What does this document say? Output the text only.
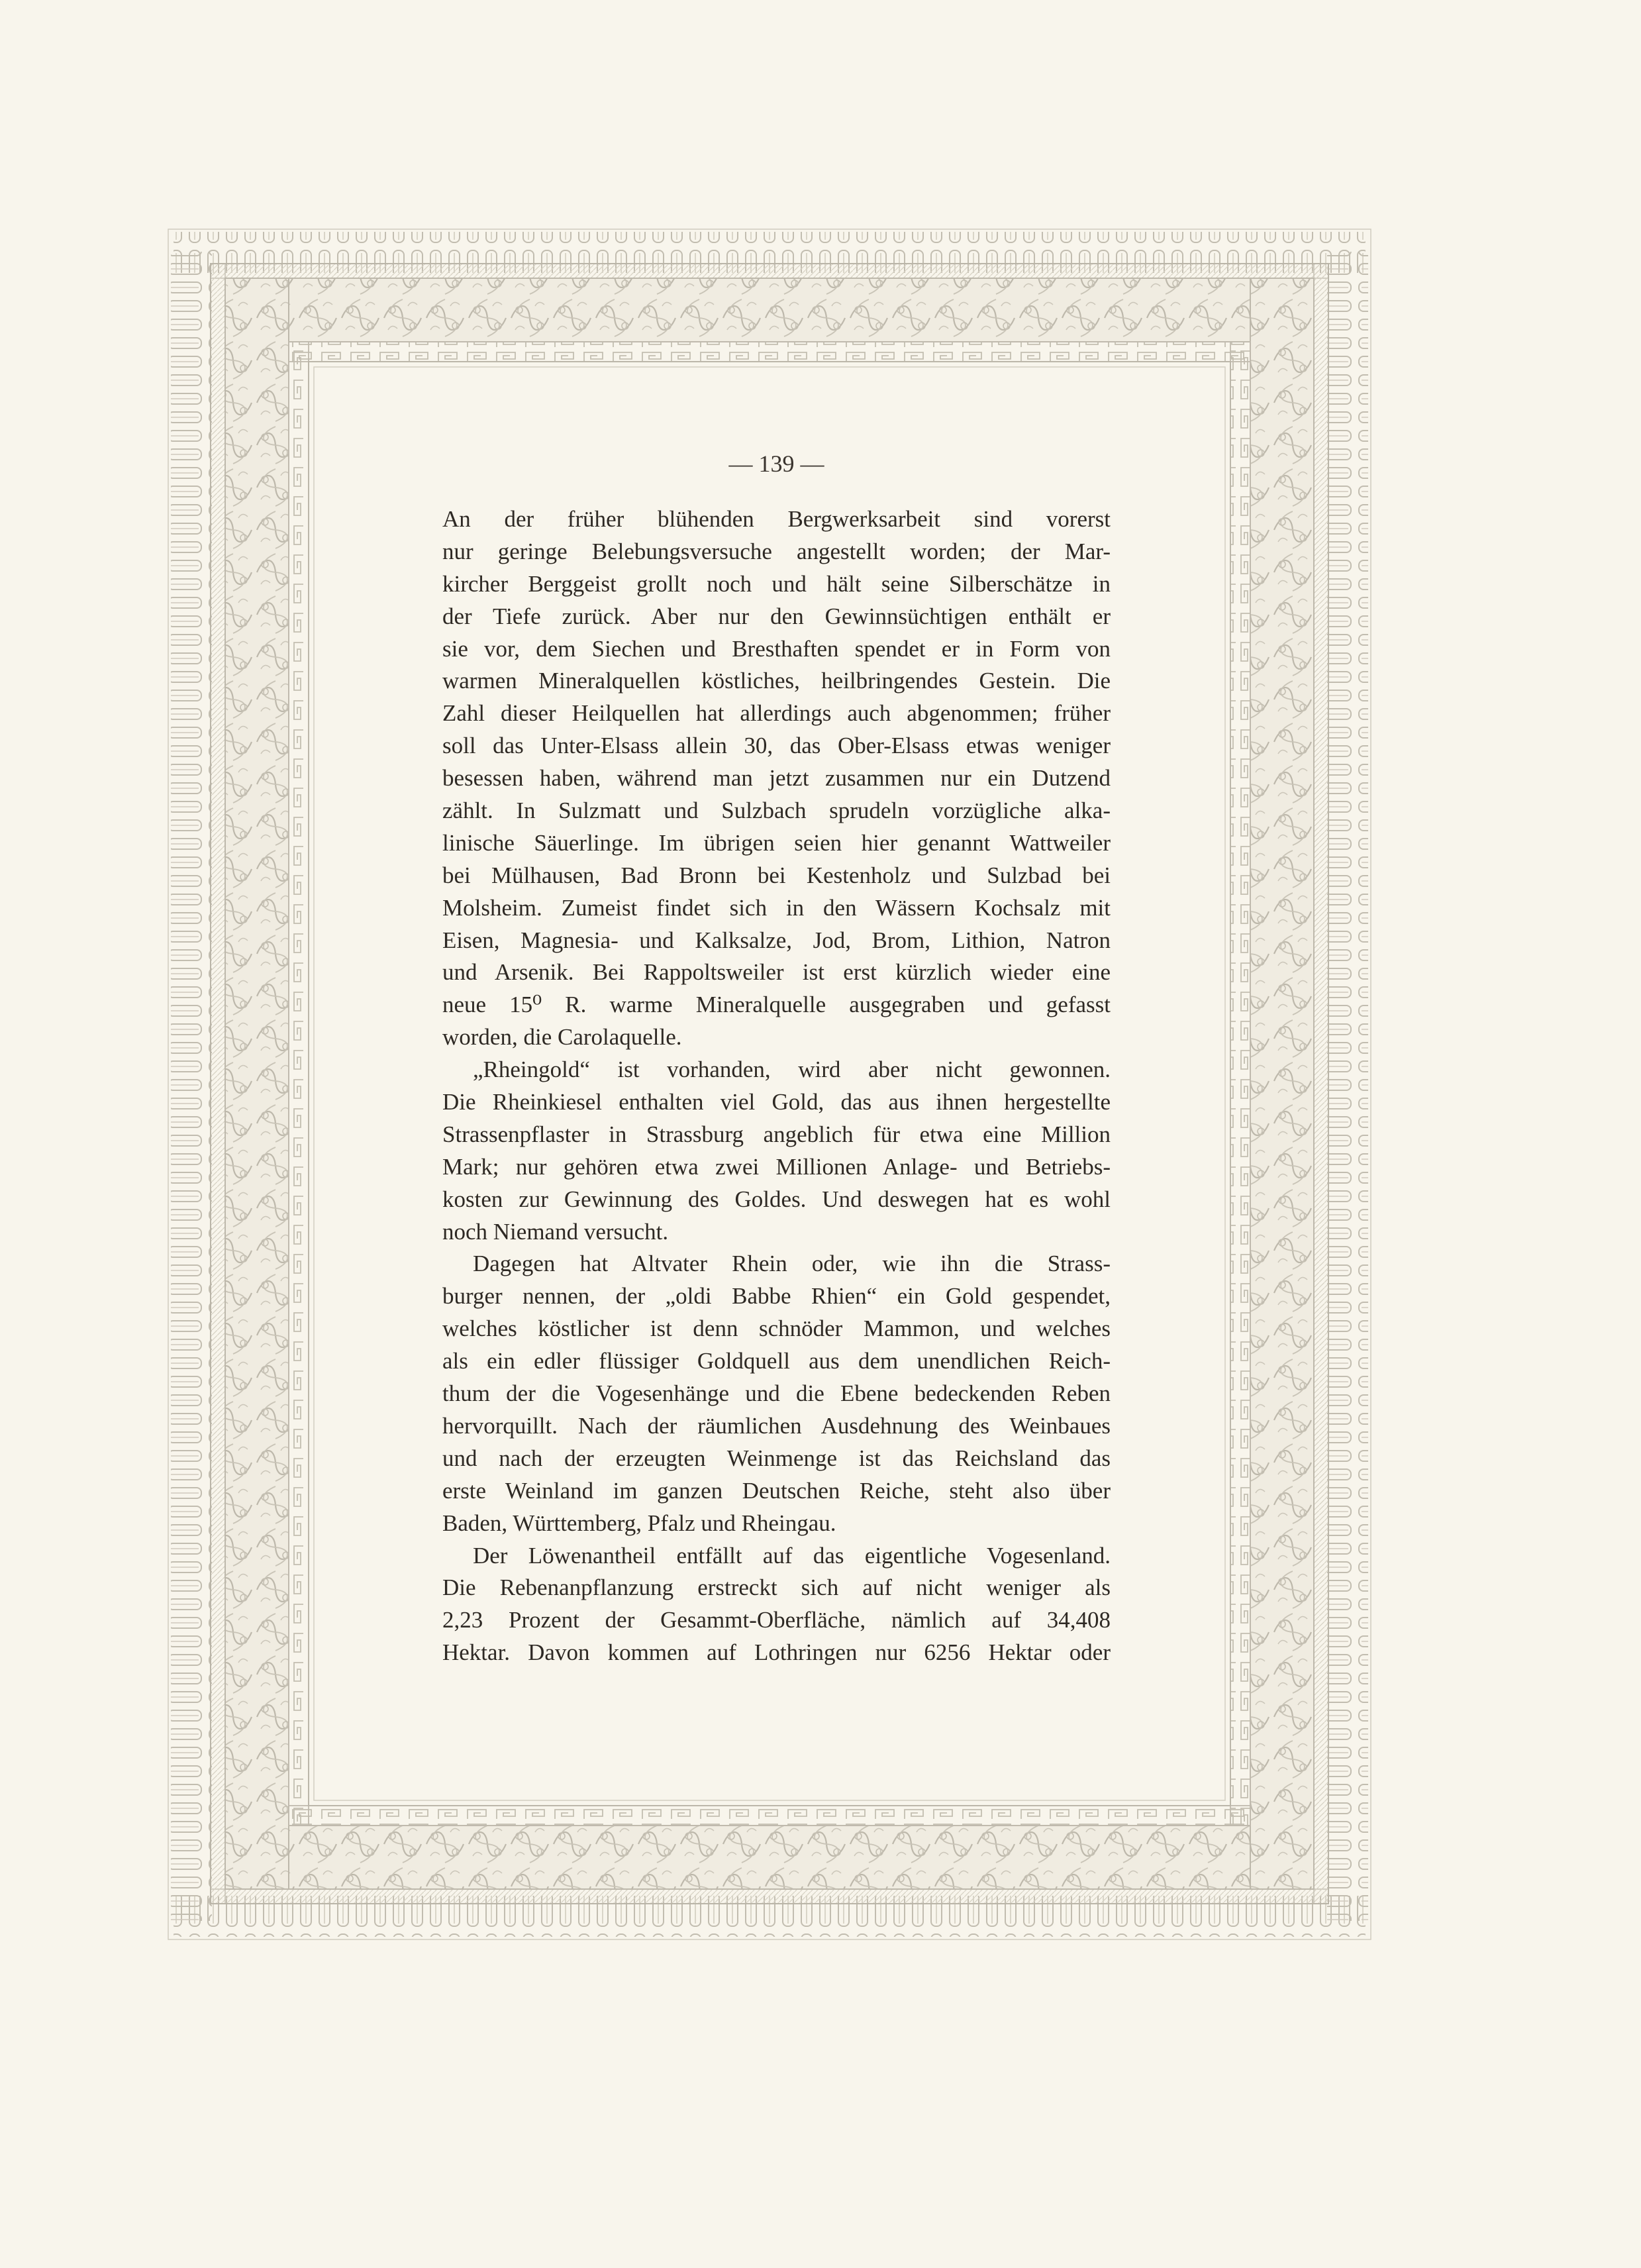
— 139 —
An der früher blühenden Bergwerksarbeit sind vorerst
nur geringe Belebungsversuche angestellt worden; der Mar-
kircher Berggeist grollt noch und hält seine Silberschätze in
der Tiefe zurück. Aber nur den Gewinnsüchtigen enthält er
sie vor, dem Siechen und Bresthaften spendet er in Form von
warmen Mineralquellen köstliches, heilbringendes Gestein. Die
Zahl dieser Heilquellen hat allerdings auch abgenommen; früher
soll das Unter-Elsass allein 30, das Ober-Elsass etwas weniger
besessen haben, während man jetzt zusammen nur ein Dutzend
zählt. In Sulzmatt und Sulzbach sprudeln vorzügliche alka-
linische Säuerlinge. Im übrigen seien hier genannt Wattweiler
bei Mülhausen, Bad Bronn bei Kestenholz und Sulzbad bei
Molsheim. Zumeist findet sich in den Wässern Kochsalz mit
Eisen, Magnesia- und Kalksalze, Jod, Brom, Lithion, Natron
und Arsenik. Bei Rappoltsweiler ist erst kürzlich wieder eine
neue 15⁰ R. warme Mineralquelle ausgegraben und gefasst
worden, die Carolaquelle.
„Rheingold“ ist vorhanden, wird aber nicht gewonnen.
Die Rheinkiesel enthalten viel Gold, das aus ihnen hergestellte
Strassenpflaster in Strassburg angeblich für etwa eine Million
Mark; nur gehören etwa zwei Millionen Anlage- und Betriebs-
kosten zur Gewinnung des Goldes. Und deswegen hat es wohl
noch Niemand versucht.
Dagegen hat Altvater Rhein oder, wie ihn die Strass-
burger nennen, der „oldi Babbe Rhien“ ein Gold gespendet,
welches köstlicher ist denn schnöder Mammon, und welches
als ein edler flüssiger Goldquell aus dem unendlichen Reich-
thum der die Vogesenhänge und die Ebene bedeckenden Reben
hervorquillt. Nach der räumlichen Ausdehnung des Weinbaues
und nach der erzeugten Weinmenge ist das Reichsland das
erste Weinland im ganzen Deutschen Reiche, steht also über
Baden, Württemberg, Pfalz und Rheingau.
Der Löwenantheil entfällt auf das eigentliche Vogesenland.
Die Rebenanpflanzung erstreckt sich auf nicht weniger als
2,23 Prozent der Gesammt-Oberfläche, nämlich auf 34,408
Hektar. Davon kommen auf Lothringen nur 6256 Hektar oder
